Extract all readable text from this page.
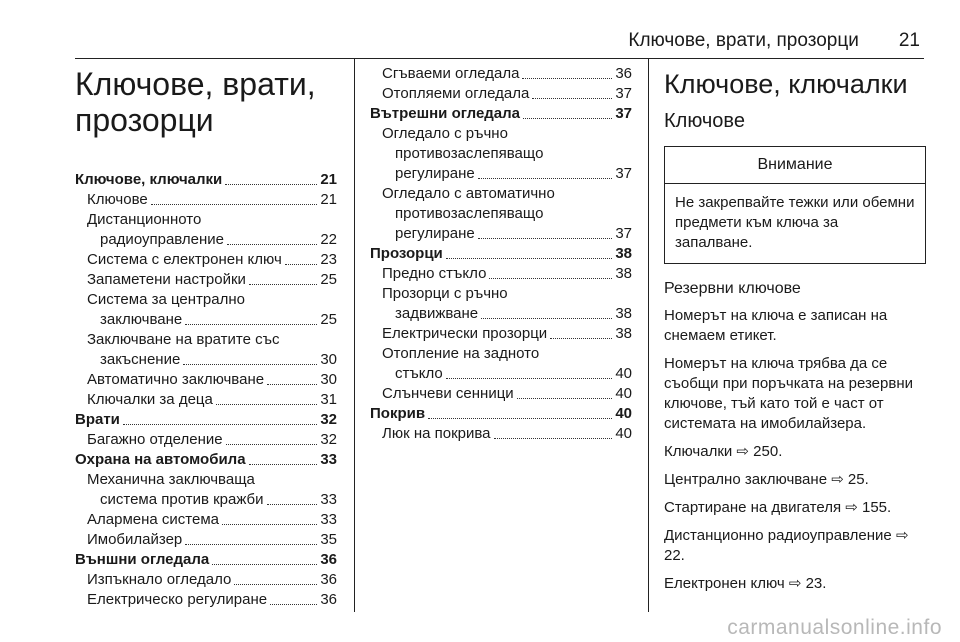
Ключове, врати, прозорци 21
Ключове, врати,
прозорци
Ключове, ключалки	21
Ключове	21
Дистанционното
радиоуправление	22
Система с електронен ключ	23
Запаметени настройки	25
Система за централно
заключване	25
Заключване на вратите със
закъснение	30
Автоматично заключване	30
Ключалки за деца	31
Врати	32
Багажно отделение	32
Охрана на автомобила	33
Механична заключваща
система против кражби	33
Алармена система	33
Имобилайзер	35
Външни огледала	36
Изпъкнало огледало	36
Електрическо регулиране	36
Сгъваеми огледала	36
Отопляеми огледала	37
Вътрешни огледала	37
Огледало с ръчно
противозаслепяващо
регулиране	37
Огледало с автоматично
противозаслепяващо
регулиране	37
Прозорци	38
Предно стъкло	38
Прозорци с ръчно
задвижване	38
Електрически прозорци	38
Отопление на задното
стъкло	40
Слънчеви сенници	40
Покрив	40
Люк на покрива	40
Ключове, ключалки
Ключове
Внимание
Не закрепвайте тежки или обемни предмети към ключа за запалване.
Резервни ключове

Номерът на ключа е записан на снемаем етикет.

Номерът на ключа трябва да се съобщи при поръчката на резервни ключове, тъй като той е част от системата на имобилайзера.

Ключалки ⇨ 250.

Централно заключване ⇨ 25.

Стартиране на двигателя ⇨ 155.

Дистанционно радиоуправление ⇨ 22.

Електронен ключ ⇨ 23.

carmanualsonline.info
